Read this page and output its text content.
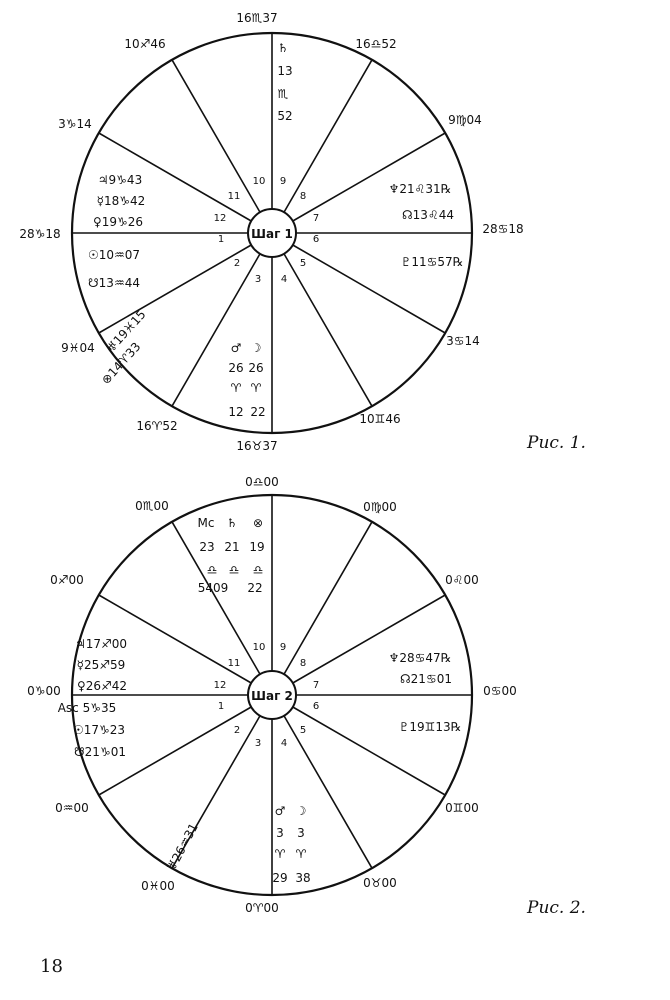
Шаг 1
16♏37
16♎52
9♍04
28♋18
3♋14
10♊46
16♉37
16♈52
9♓04
28♑18
3♑14
10♐46
1
2
3 4
5
6
7
8
9
10
11
12
♄
13
♏
52
♃9♑43
☿18♑42
♀19♑26
☉10♒07
☋13♒44
♅19♓15
⊗14♈33	♂ ☽
26 26
♈ ♈
12 22
♆21♌31℞
☊13♌44
♇11♋57℞
Шаг 2
0♎00
0♍00
0♌00
0♋00
0♊00
0♉00
0♈00
0♓00
0♒00
0♑00
0♐00
0♏00
1
2
3 4
5
6
7
8
9
10
11
12
Мс ♄ ⊗
23 21 19
♎ ♎ ♎
5409 22
♃17♐00
☿25♐59
♀26♐42
Asc 5♑35
☉17♑23
☋21♑01
♅26♒31
♂ ☽
3 3
♈ ♈
29 38
♆28♋47℞
☊21♋01
♇19♊13℞
Рис. 1.
Рис. 2.
18
